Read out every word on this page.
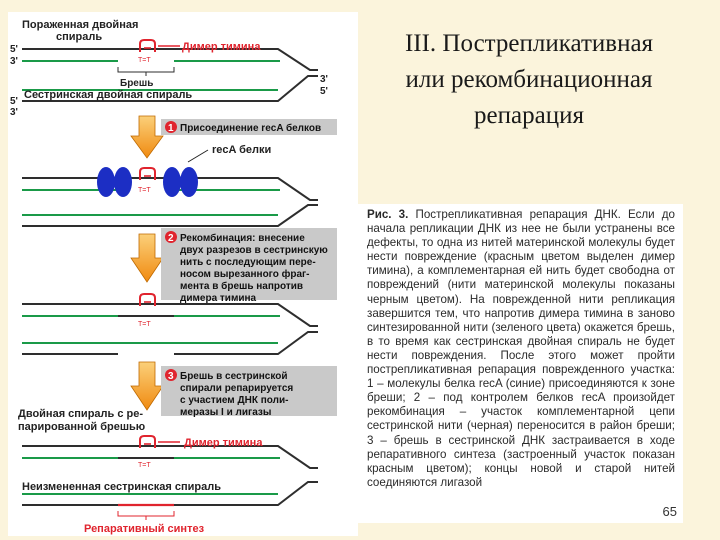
III. Пострепликативная
или рекомбинационная
репарация
Пораженная двойная
спираль
5'
3'	T=T
Димер тимина
Брешь	3'
5'
Сестринская двойная спираль
5'
3'
1 Присоединение recA белков
recA белки
T=T
2 Рекомбинация: внесение
двух разрезов в сестринскую
нить с последующим пере-
носом вырезанного фраг-
мента в брешь напротив
димера тимина
T=T
3 Брешь в сестринской
спирали репарируется
с участием ДНК поли-
меразы I и лигазы
Двойная спираль с ре-
парированной брешью
T=T
Димер тимина
Неизмененная сестринская спираль
Репаративный синтез

Рис. 3. Пострепликативная репарация ДНК. Если до начала репликации ДНК из нее не были устранены все дефекты, то одна из нитей материнской молекулы будет нести повреждение (красным цветом выделен димер тимина), а комплементарная ей нить будет свободна от повреждений (нити материнской молекулы показаны черным цветом). На поврежденной нити репликация завершится тем, что напротив димера тимина в заново синтезированной нити (зеленого цвета) окажется брешь, в то время как сестринская двойная спираль не будет нести повреждения. После этого может пройти пострепликативная репарация поврежденного участка: 1 – молекулы белка recA (синие) присоединяются к зоне бреши; 2 – под контролем белков recA произойдет рекомбинация – участок комплементарной цепи сестринской нити (черная) переносится в район бреши; 3 – брешь в сестринской ДНК застраивается в ходе репаративного синтеза (застроенный участок показан красным цветом); концы новой и старой нитей соединяются лигазой

65
